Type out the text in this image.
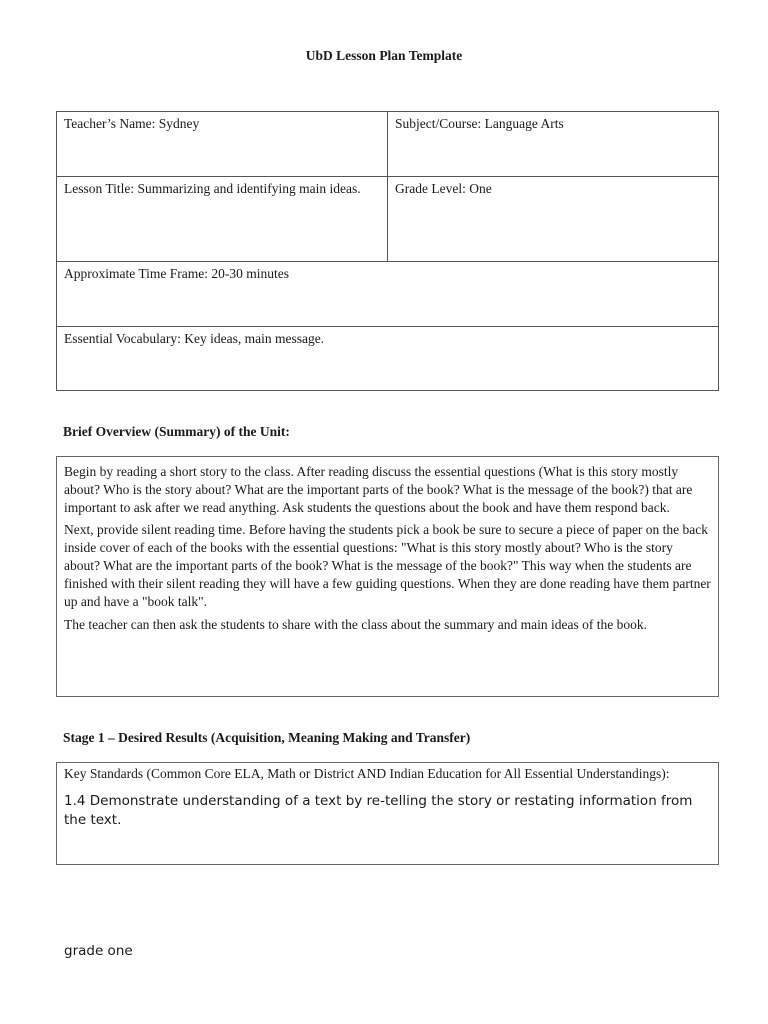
UbD Lesson Plan Template
Teacher’s Name: Sydney	Subject/Course: Language Arts
Lesson Title: Summarizing and identifying main ideas.	Grade Level: One
Approximate Time Frame: 20-30 minutes	
Essential Vocabulary: Key ideas, main message.	
Brief Overview (Summary) of the Unit:

Begin by reading a short story to the class. After reading discuss the essential questions (What is this story mostly about? Who is the story about? What are the important parts of the book? What is the message of the book?) that are important to ask after we read anything. Ask students the questions about the book and have them respond back.

Next, provide silent reading time. Before having the students pick a book be sure to secure a piece of paper on the back inside cover of each of the books with the essential questions: "What is this story mostly about? Who is the story about? What are the important parts of the book? What is the message of the book?" This way when the students are finished with their silent reading they will have a few guiding questions. When they are done reading have them partner up and have a "book talk".

The teacher can then ask the students to share with the class about the summary and main ideas of the book.

Stage 1 – Desired Results (Acquisition, Meaning Making and Transfer)

Key Standards (Common Core ELA, Math or District AND Indian Education for All Essential Understandings):

1.4 Demonstrate understanding of a text by re-telling the story or restating information from the text.

grade one
